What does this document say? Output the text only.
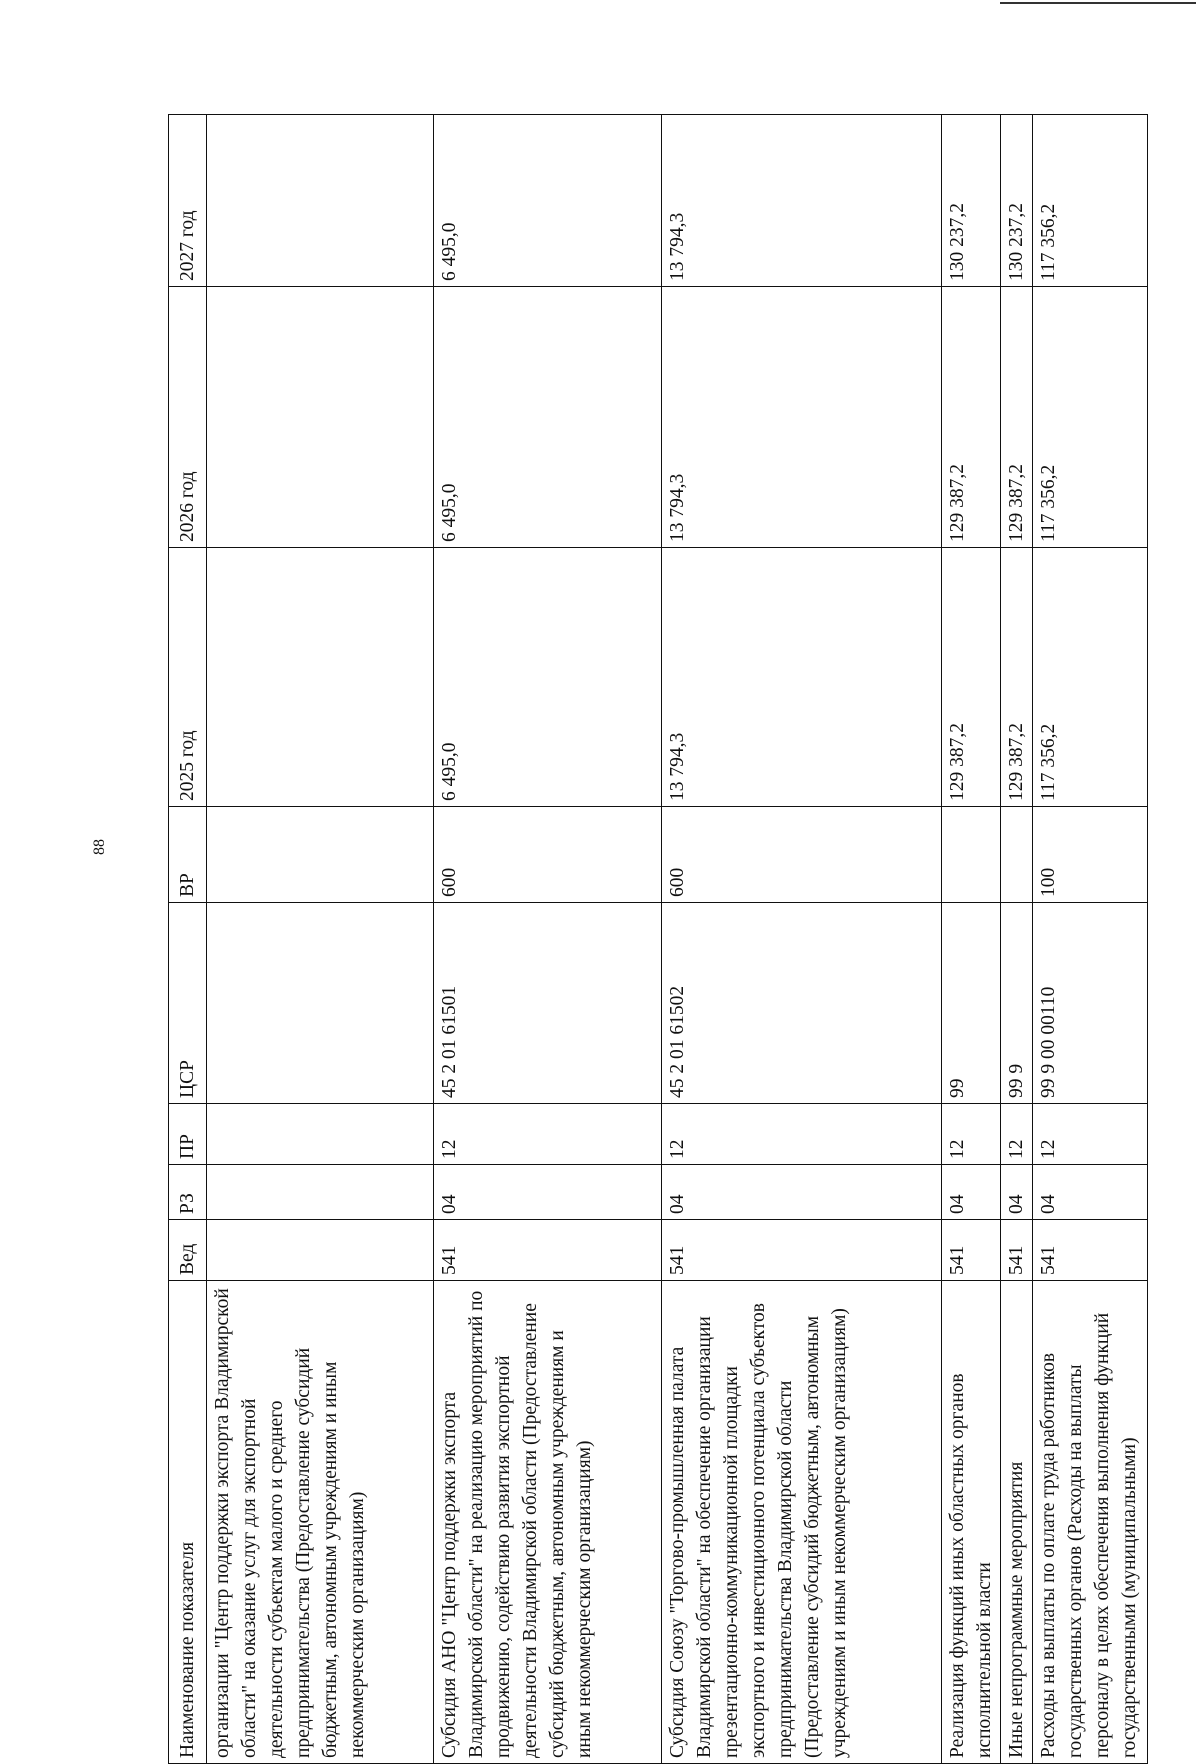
88
Наименование показателя	Вед	РЗ	ПР	ЦСР	ВР	2025 год	2026 год	2027 год
организации "Центр поддержки экспорта Владимирской области" на оказание услуг для экспортной деятельности субъектам малого и среднего предпринимательства (Предоставление субсидий бюджетным, автономным учреждениям и иным некоммерческим организациям)								
Субсидия АНО "Центр поддержки экспорта Владимирской области" на реализацию мероприятий по продвижению, содействию развития экспортной деятельности Владимирской области (Предоставление субсидий бюджетным, автономным учреждениям и иным некоммерческим организациям)	541	04	12	45 2 01 61501	600	6 495,0	6 495,0	6 495,0
Субсидия Союзу "Торгово-промышленная палата Владимирской области" на обеспечение организации презентационно-коммуникационной площадки экспортного и инвестиционного потенциала субъектов предпринимательства Владимирской области (Предоставление субсидий бюджетным, автономным учреждениям и иным некоммерческим организациям)	541	04	12	45 2 01 61502	600	13 794,3	13 794,3	13 794,3
Реализация функций иных областных органов исполнительной власти	541	04	12	99		129 387,2	129 387,2	130 237,2
Иные непрограммные мероприятия	541	04	12	99 9		129 387,2	129 387,2	130 237,2
Расходы на выплаты по оплате труда работников государственных органов (Расходы на выплаты персоналу в целях обеспечения выполнения функций государственными (муниципальными)	541	04	12	99 9 00 00110	100	117 356,2	117 356,2	117 356,2
